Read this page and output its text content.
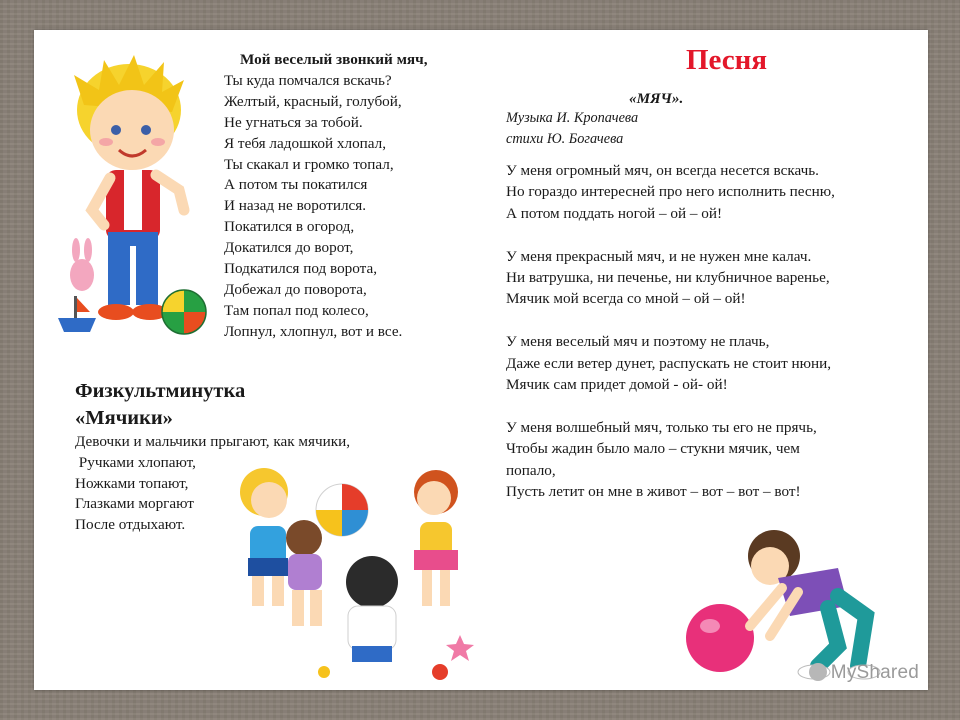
Мой веселый звонкий мяч,
Ты куда помчался вскачь?
Желтый, красный, голубой,
Не угнаться за тобой.
Я тебя ладошкой хлопал,
Ты скакал и громко топал,
А потом ты покатился
И назад не воротился.
Покатился в огород,
Докатился до ворот,
Подкатился под ворота,
Добежал до поворота,
Там попал под колесо,
Лопнул, хлопнул, вот и все.
Физкультминутка
«Мячики»
Девочки и мальчики прыгают, как мячики,
Ручками хлопают,
Ножками топают,
Глазками моргают
После отдыхают.
Песня
«МЯЧ».
Музыка И. Кропачева
стихи Ю. Богачева
У меня огромный мяч, он всегда несется вскачь.
Но гораздо интересней про него исполнить песню,
А потом поддать ногой – ой – ой!
У меня прекрасный мяч, и не нужен мне калач.
Ни ватрушка, ни печенье, ни клубничное варенье,
Мячик мой всегда со мной – ой – ой!
У меня веселый мяч и поэтому не плачь,
Даже если ветер дунет, распускать не стоит нюни,
Мячик сам придет домой - ой- ой!
У меня волшебный мяч, только ты его не прячь,
Чтобы жадин было мало – стукни мячик, чем
попало,
Пусть летит он мне в живот – вот – вот – вот!
MyShared
